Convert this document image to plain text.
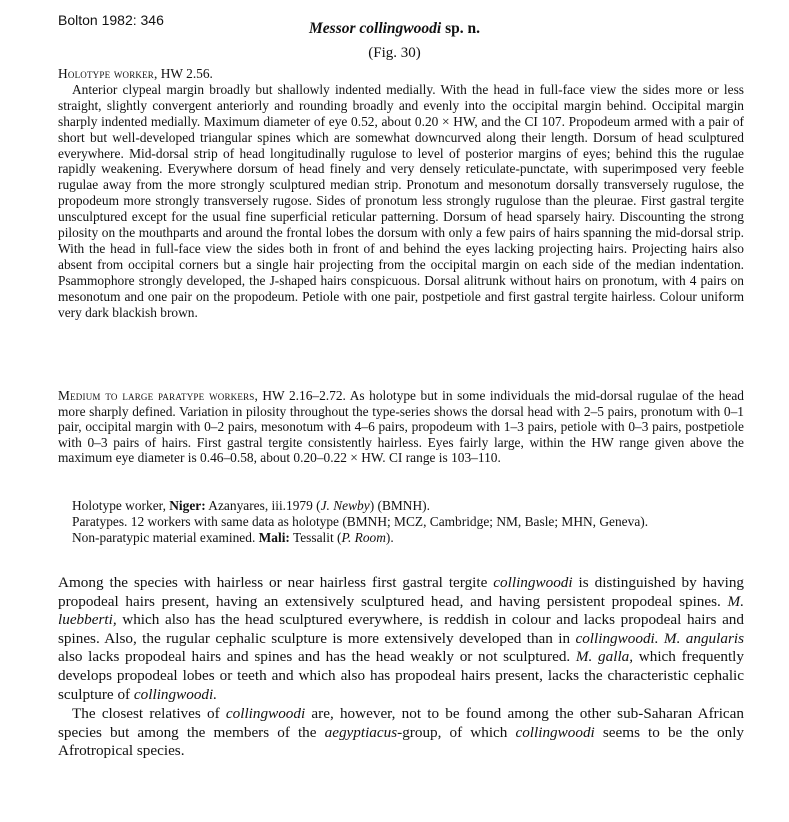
Bolton 1982: 346	Messor collingwoodi sp. n.
(Fig. 30)

Holotype worker, HW 2.56.

Anterior clypeal margin broadly but shallowly indented medially. With the head in full-face view the sides more or less straight, slightly convergent anteriorly and rounding broadly and evenly into the occipital margin behind. Occipital margin sharply indented medially. Maximum diameter of eye 0.52, about 0.20 × HW, and the CI 107. Propodeum armed with a pair of short but well-developed triangular spines which are somewhat downcurved along their length. Dorsum of head sculptured everywhere. Mid-dorsal strip of head longitudinally rugulose to level of posterior margins of eyes; behind this the rugulae rapidly weakening. Everywhere dorsum of head finely and very densely reticulate-punctate, with superimposed very feeble rugulae away from the more strongly sculptured median strip. Pronotum and mesonotum dorsally transversely rugulose, the propodeum more strongly transversely rugose. Sides of pronotum less strongly rugulose than the pleurae. First gastral tergite unsculptured except for the usual fine superficial reticular patterning. Dorsum of head sparsely hairy. Discounting the strong pilosity on the mouthparts and around the frontal lobes the dorsum with only a few pairs of hairs spanning the mid-dorsal strip. With the head in full-face view the sides both in front of and behind the eyes lacking projecting hairs. Projecting hairs also absent from occipital corners but a single hair projecting from the occipital margin on each side of the median indentation. Psammophore strongly developed, the J-shaped hairs conspicuous. Dorsal alitrunk without hairs on pronotum, with 4 pairs on mesonotum and one pair on the propodeum. Petiole with one pair, postpetiole and first gastral tergite hairless. Colour uniform very dark blackish brown.

Medium to large paratype workers, HW 2.16–2.72. As holotype but in some individuals the mid-dorsal rugulae of the head more sharply defined. Variation in pilosity throughout the type-series shows the dorsal head with 2–5 pairs, pronotum with 0–1 pair, occipital margin with 0–2 pairs, mesonotum with 4–6 pairs, propodeum with 1–3 pairs, petiole with 0–3 pairs, postpetiole with 0–3 pairs of hairs. First gastral tergite consistently hairless. Eyes fairly large, within the HW range given above the maximum eye diameter is 0.46–0.58, about 0.20–0.22 × HW. CI range is 103–110.

Holotype worker, Niger: Azanyares, iii.1979 (J. Newby) (BMNH).

Paratypes. 12 workers with same data as holotype (BMNH; MCZ, Cambridge; NM, Basle; MHN, Geneva).

Non-paratypic material examined. Mali: Tessalit (P. Room).

Among the species with hairless or near hairless first gastral tergite collingwoodi is distinguished by having propodeal hairs present, having an extensively sculptured head, and having persistent propodeal spines. M. luebberti, which also has the head sculptured everywhere, is reddish in colour and lacks propodeal hairs and spines. Also, the rugular cephalic sculpture is more extensively developed than in collingwoodi. M. angularis also lacks propodeal hairs and spines and has the head weakly or not sculptured. M. galla, which frequently develops propodeal lobes or teeth and which also has propodeal hairs present, lacks the characteristic cephalic sculpture of collingwoodi.

The closest relatives of collingwoodi are, however, not to be found among the other sub-Saharan African species but among the members of the aegyptiacus-group, of which collingwoodi seems to be the only Afrotropical species.
